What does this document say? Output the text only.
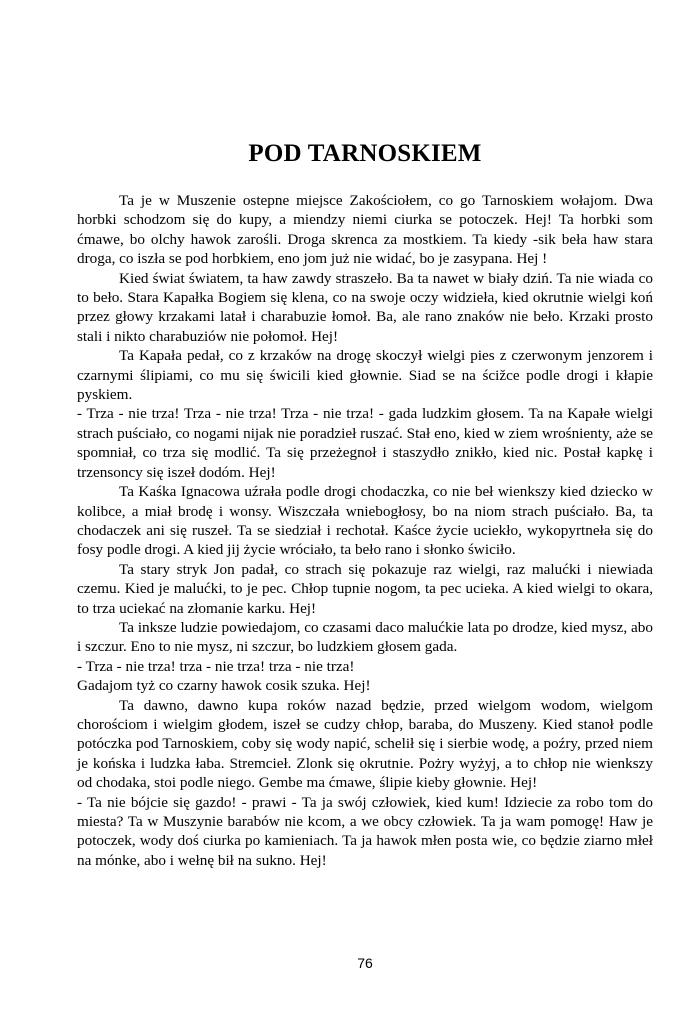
POD TARNOSKIEM

Ta je w Muszenie ostepne miejsce Zakościołem, co go Tarnoskiem wołajom. Dwa horbki schodzom się do kupy, a miendzy niemi ciurka se potoczek. Hej! Ta horbki som ćmawe, bo olchy hawok zarośli. Droga skrenca za mostkiem. Ta kiedy -sik beła haw stara droga, co iszła se pod horbkiem, eno jom już nie widać, bo je zasypana. Hej !

Kied świat światem, ta haw zawdy straszeło. Ba ta nawet w biały dziń. Ta nie wiada co to beło. Stara Kapałka Bogiem się klena, co na swoje oczy widzieła, kied okrutnie wielgi koń przez głowy krzakami latał i charabuzie łomoł. Ba, ale rano znaków nie beło. Krzaki prosto stali i nikto charabuziów nie połomoł. Hej!

Ta Kapała pedał, co z krzaków na drogę skoczył wielgi pies z czerwonym jenzorem i czarnymi ślipiami, co mu się świcili kied głownie. Siad se na ścižce podle drogi i kłapie pyskiem.

- Trza - nie trza! Trza - nie trza! Trza - nie trza! - gada ludzkim głosem. Ta na Kapałe wielgi strach puściało, co nogami nijak nie poradzieł ruszać. Stał eno, kied w ziem wrośnienty, aże se spomniał, co trza się modlić. Ta się przeżegnoł i staszydło znikło, kied nic. Postał kapkę i trzensoncy się iszeł dodóm. Hej!

Ta Kaśka Ignacowa uźrała podle drogi chodaczka, co nie beł wienkszy kied dziecko w kolibce, a miał brodę i wonsy. Wiszczała wniebogłosy, bo na niom strach puściało. Ba, ta chodaczek ani się ruszeł. Ta se siedział i rechotał. Kaśce życie uciekło, wykopyrtneła się do fosy podle drogi. A kied jij życie wróciało, ta beło rano i słonko świciło.

Ta stary stryk Jon padał, co strach się pokazuje raz wielgi, raz malućki i niewiada czemu. Kied je malućki, to je pec. Chłop tupnie nogom, ta pec ucieka. A kied wielgi to okara, to trza uciekać na złomanie karku. Hej!

Ta inksze ludzie powiedajom, co czasami daco malućkie lata po drodze, kied mysz, abo i szczur. Eno to nie mysz, ni szczur, bo ludzkiem głosem gada.

- Trza - nie trza! trza - nie trza! trza - nie trza!

Gadajom tyż co czarny hawok cosik szuka. Hej!

Ta dawno, dawno kupa roków nazad będzie, przed wielgom wodom, wielgom chorościom i wielgim głodem, iszeł se cudzy chłop, baraba, do Muszeny. Kied stanoł podle potóczka pod Tarnoskiem, coby się wody napić, schelił się i sierbie wodę, a poźry, przed niem je końska i ludzka łaba. Stremcieł. Zlonk się okrutnie. Pożry wyżyj, a to chłop nie wienkszy od chodaka, stoi podle niego. Gembe ma ćmawe, ślipie kieby głownie. Hej!

- Ta nie bójcie się gazdo! - prawi - Ta ja swój człowiek, kied kum! Idziecie za robo tom do miesta? Ta w Muszynie barabów nie kcom, a we obcy człowiek. Ta ja wam pomogę! Haw je potoczek, wody doś ciurka po kamieniach. Ta ja hawok młen posta wie, co będzie ziarno młeł na mónke, abo i wełnę bił na sukno. Hej!

76
